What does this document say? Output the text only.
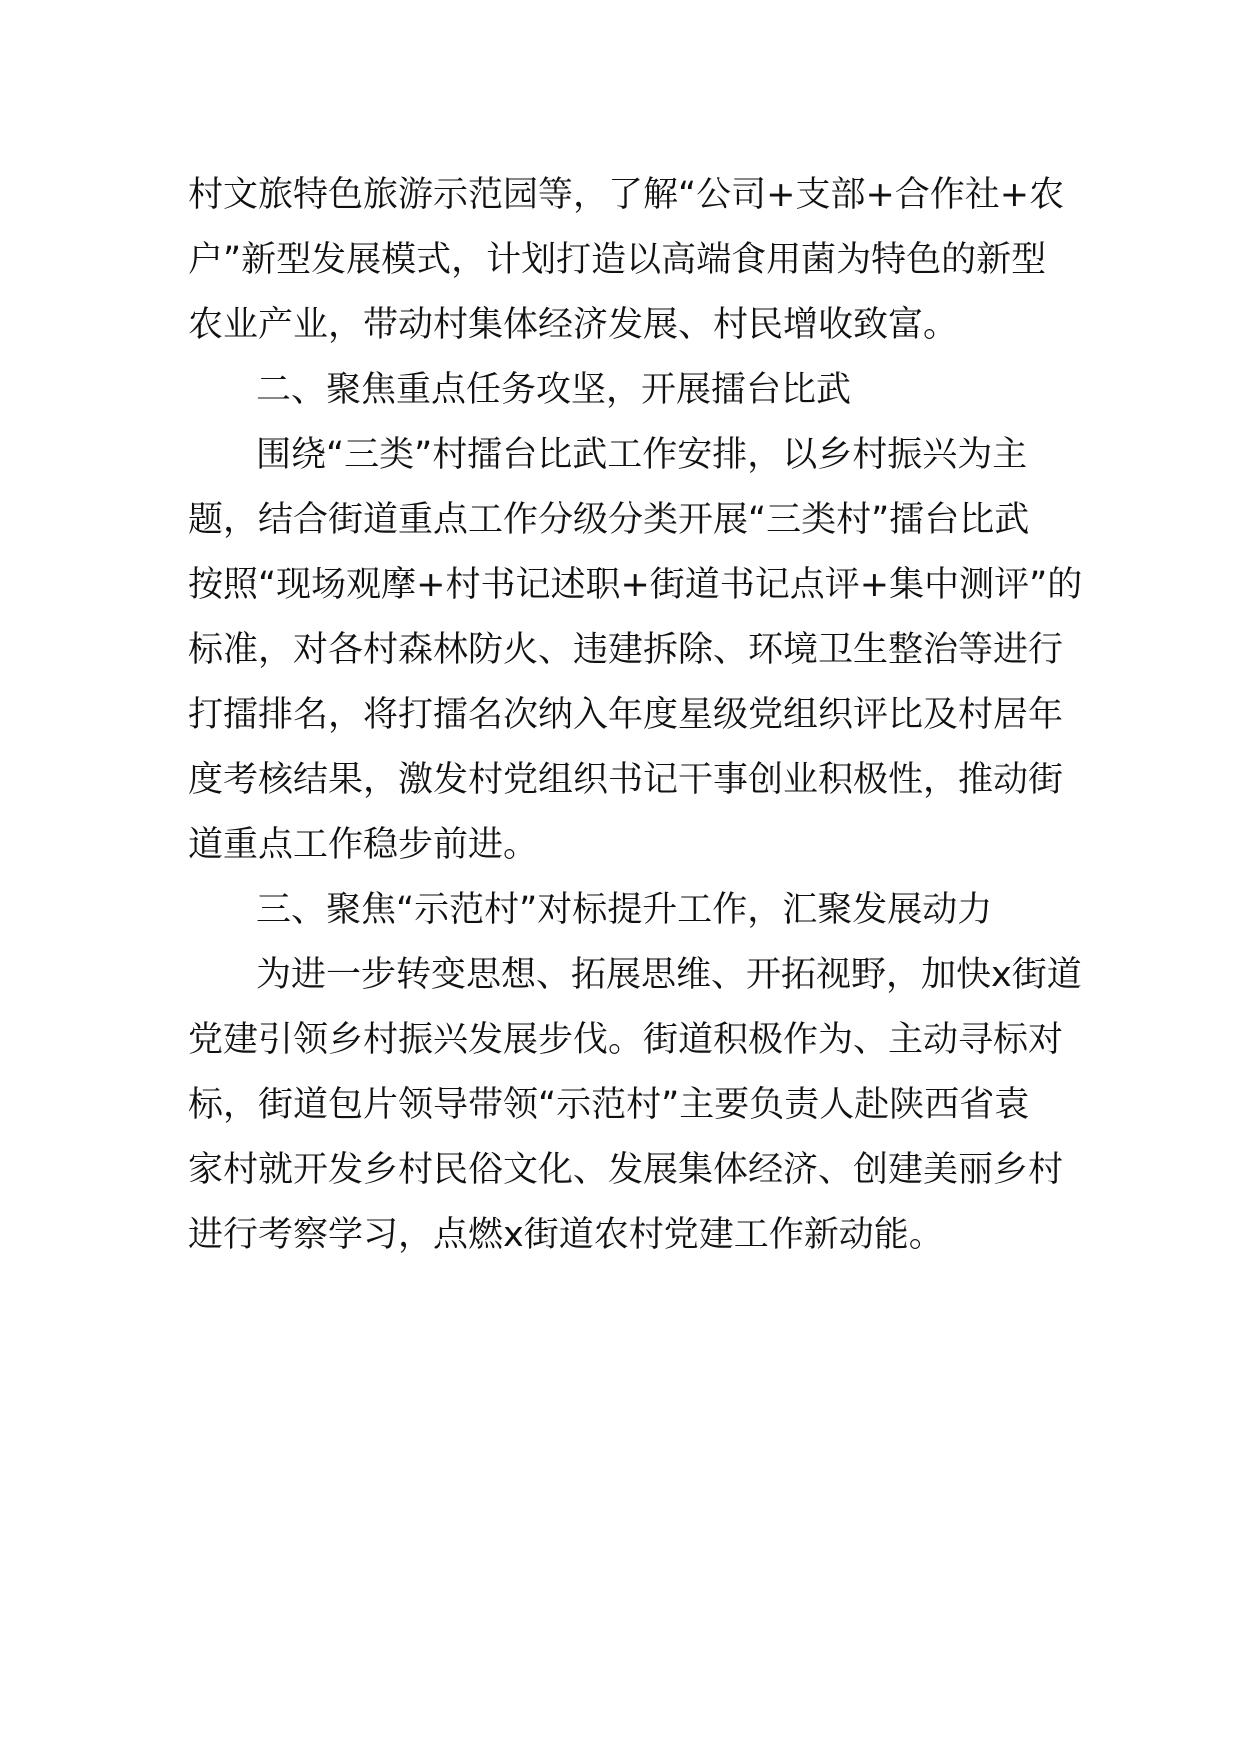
村文旅特色旅游示范园等，了解“公司+支部+合作社+农
户”新型发展模式，计划打造以高端食用菌为特色的新型
农业产业，带动村集体经济发展、村民增收致富。
二、聚焦重点任务攻坚，开展擂台比武
围绕“三类”村擂台比武工作安排，以乡村振兴为主
题，结合街道重点工作分级分类开展“三类村”擂台比武
按照“现场观摩+村书记述职+街道书记点评+集中测评”的
标准，对各村森林防火、违建拆除、环境卫生整治等进行
打擂排名，将打擂名次纳入年度星级党组织评比及村居年
度考核结果，激发村党组织书记干事创业积极性，推动街
道重点工作稳步前进。
三、聚焦“示范村”对标提升工作，汇聚发展动力
为进一步转变思想、拓展思维、开拓视野，加快x街道
党建引领乡村振兴发展步伐。街道积极作为、主动寻标对
标，街道包片领导带领“示范村”主要负责人赴陕西省袁
家村就开发乡村民俗文化、发展集体经济、创建美丽乡村
进行考察学习，点燃x街道农村党建工作新动能。
